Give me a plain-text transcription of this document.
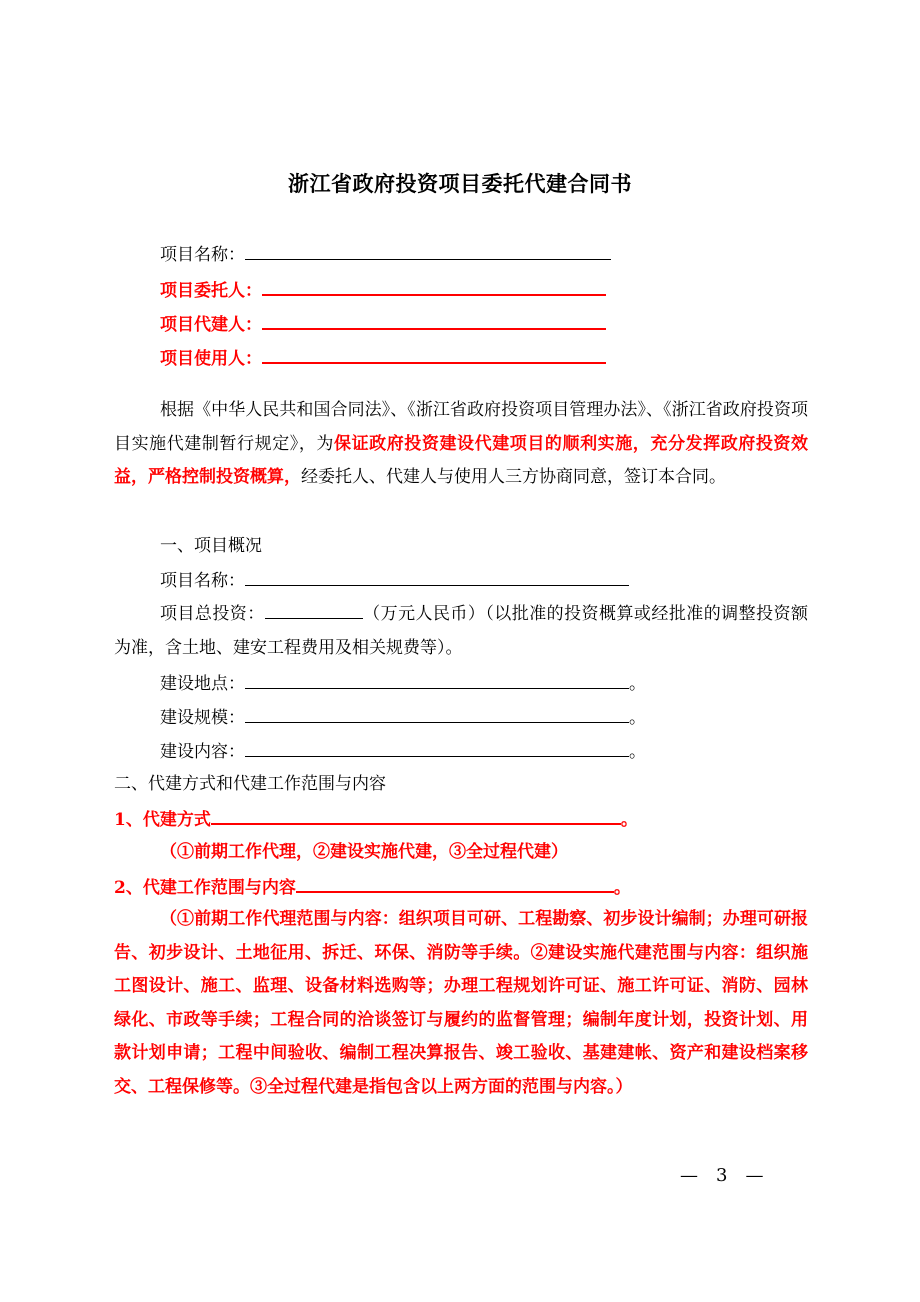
浙江省政府投资项目委托代建合同书
项目名称：
项目委托人：
项目代建人：
项目使用人：
根据《中华人民共和国合同法》、《浙江省政府投资项目管理办法》、《浙江省政府投资项目实施代建制暂行规定》，为保证政府投资建设代建项目的顺利实施，充分发挥政府投资效益，严格控制投资概算，经委托人、代建人与使用人三方协商同意，签订本合同。
一、项目概况
项目名称：
项目总投资：	（万元人民币）（以批准的投资概算或经批准的调整投资额为准，含土地、建安工程费用及相关规费等）。
建设地点：	。
建设规模：	。
建设内容：	。
二、代建方式和代建工作范围与内容
1、代建方式	。
（①前期工作代理，②建设实施代建，③全过程代建）
2、代建工作范围与内容	。
（①前期工作代理范围与内容：组织项目可研、工程勘察、初步设计编制；办理可研报告、初步设计、土地征用、拆迁、环保、消防等手续。②建设实施代建范围与内容：组织施工图设计、施工、监理、设备材料选购等；办理工程规划许可证、施工许可证、消防、园林绿化、市政等手续；工程合同的洽谈签订与履约的监督管理；编制年度计划，投资计划、用款计划申请；工程中间验收、编制工程决算报告、竣工验收、基建建帐、资产和建设档案移交、工程保修等。③全过程代建是指包含以上两方面的范围与内容。）
—　3　—
